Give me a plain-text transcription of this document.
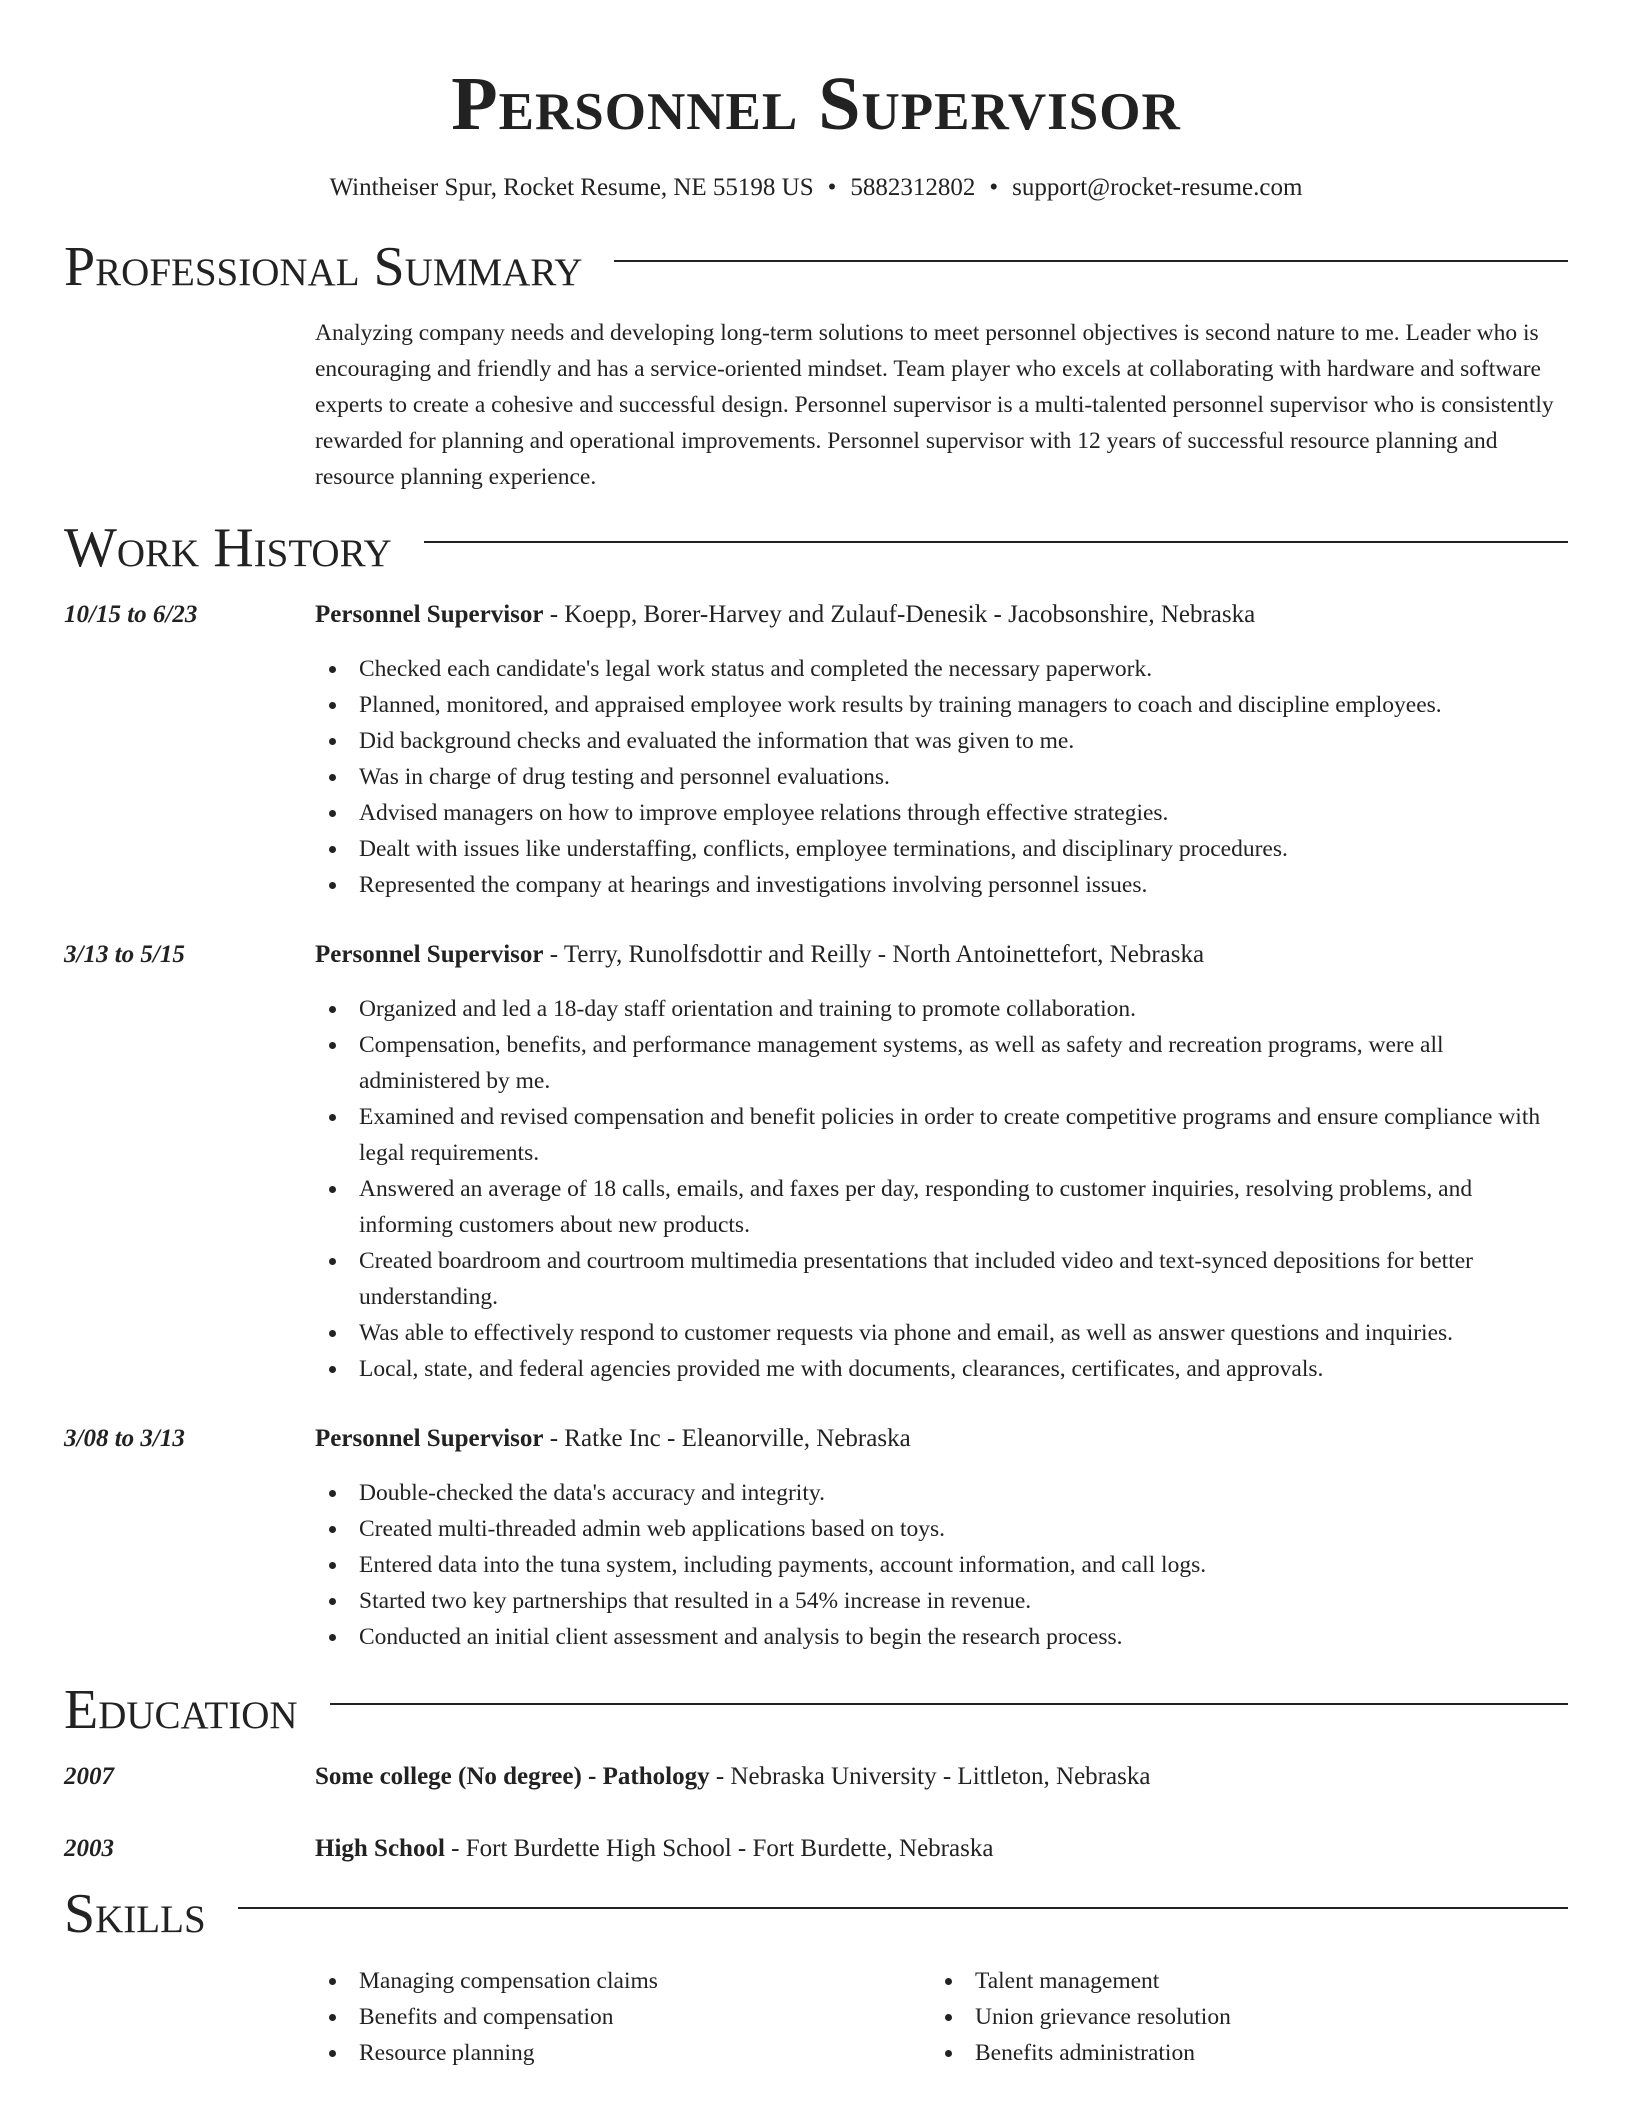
Personnel Supervisor
Wintheiser Spur, Rocket Resume, NE 55198 US • 5882312802 • support@rocket-resume.com
Professional Summary

Analyzing company needs and developing long-term solutions to meet personnel objectives is second nature to me. Leader who is encouraging and friendly and has a service-oriented mindset. Team player who excels at collaborating with hardware and software experts to create a cohesive and successful design. Personnel supervisor is a multi-talented personnel supervisor who is consistently rewarded for planning and operational improvements. Personnel supervisor with 12 years of successful resource planning and resource planning experience.

Work History
10/15 to 6/23	Personnel Supervisor - Koepp, Borer-Harvey and Zulauf-Denesik - Jacobsonshire, Nebraska
Checked each candidate's legal work status and completed the necessary paperwork.
Planned, monitored, and appraised employee work results by training managers to coach and discipline employees.
Did background checks and evaluated the information that was given to me.
Was in charge of drug testing and personnel evaluations.
Advised managers on how to improve employee relations through effective strategies.
Dealt with issues like understaffing, conflicts, employee terminations, and disciplinary procedures.
Represented the company at hearings and investigations involving personnel issues.
3/13 to 5/15	Personnel Supervisor - Terry, Runolfsdottir and Reilly - North Antoinettefort, Nebraska
Organized and led a 18-day staff orientation and training to promote collaboration.
Compensation, benefits, and performance management systems, as well as safety and recreation programs, were all administered by me.
Examined and revised compensation and benefit policies in order to create competitive programs and ensure compliance with legal requirements.
Answered an average of 18 calls, emails, and faxes per day, responding to customer inquiries, resolving problems, and informing customers about new products.
Created boardroom and courtroom multimedia presentations that included video and text-synced depositions for better understanding.
Was able to effectively respond to customer requests via phone and email, as well as answer questions and inquiries.
Local, state, and federal agencies provided me with documents, clearances, certificates, and approvals.
3/08 to 3/13	Personnel Supervisor - Ratke Inc - Eleanorville, Nebraska
Double-checked the data's accuracy and integrity.
Created multi-threaded admin web applications based on toys.
Entered data into the tuna system, including payments, account information, and call logs.
Started two key partnerships that resulted in a 54% increase in revenue.
Conducted an initial client assessment and analysis to begin the research process.
Education
2007	Some college (No degree) - Pathology - Nebraska University - Littleton, Nebraska
2003	High School - Fort Burdette High School - Fort Burdette, Nebraska
Skills
Managing compensation claims
Benefits and compensation
Resource planning
Talent management
Union grievance resolution
Benefits administration
